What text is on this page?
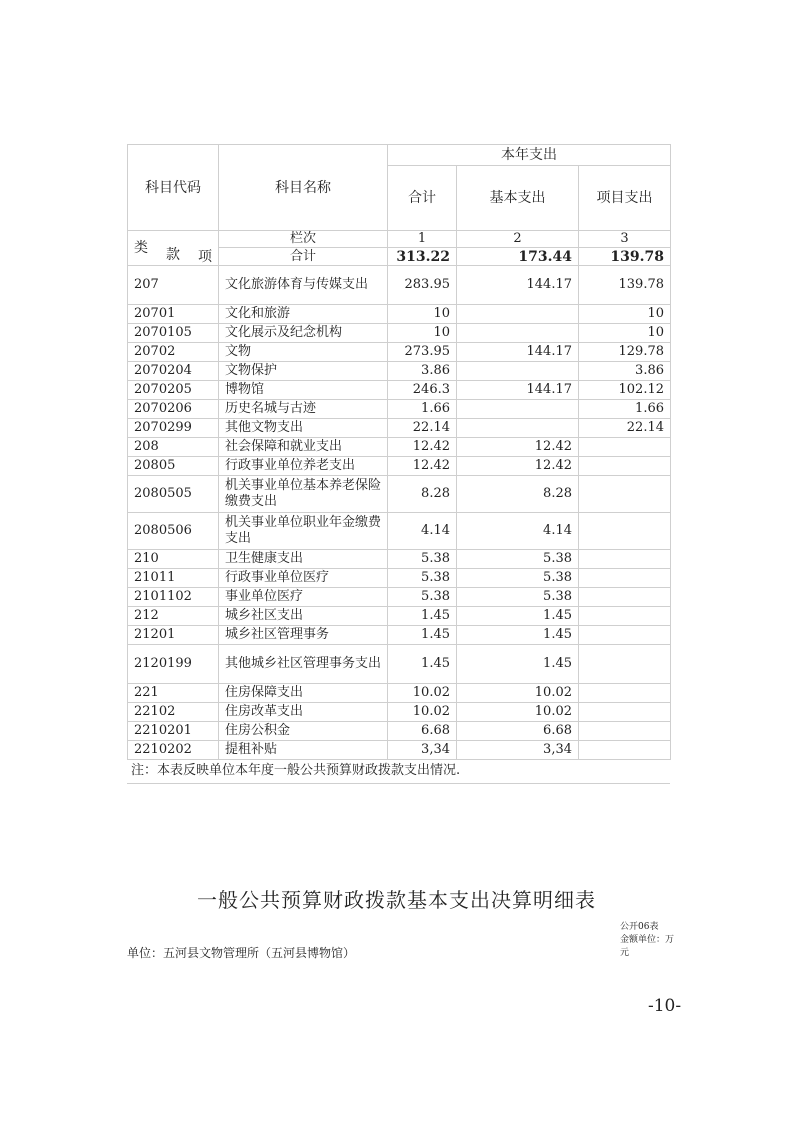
科目代码	科目名称	本年支出		
		合计	基本支出	项目支出

类 款 项	栏次	1	2	3
	合计	313.22	173.44	139.78
207	文化旅游体育与传媒支出	283.95	144.17	139.78
20701	文化和旅游	10		10
2070105	文化展示及纪念机构	10		10
20702	文物	273.95	144.17	129.78
2070204	文物保护	3.86		3.86
2070205	博物馆	246.3	144.17	102.12
2070206	历史名城与古迹	1.66		1.66
2070299	其他文物支出	22.14		22.14
208	社会保障和就业支出	12.42	12.42	
20805	行政事业单位养老支出	12.42	12.42	
2080505	机关事业单位基本养老保险缴费支出	8.28	8.28	
2080506	机关事业单位职业年金缴费支出	4.14	4.14	
210	卫生健康支出	5.38	5.38	
21011	行政事业单位医疗	5.38	5.38	
2101102	事业单位医疗	5.38	5.38	
212	城乡社区支出	1.45	1.45	
21201	城乡社区管理事务	1.45	1.45	
2120199	其他城乡社区管理事务支出	1.45	1.45	
221	住房保障支出	10.02	10.02	
22102	住房改革支出	10.02	10.02	
2210201	住房公积金	6.68	6.68	
2210202	提租补贴	3,34	3,34	
注：本表反映单位本年度一般公共预算财政拨款支出情况.
一般公共预算财政拨款基本支出决算明细表
公开06表
金额单位：万元
单位：五河县文物管理所（五河县博物馆）
-10-
